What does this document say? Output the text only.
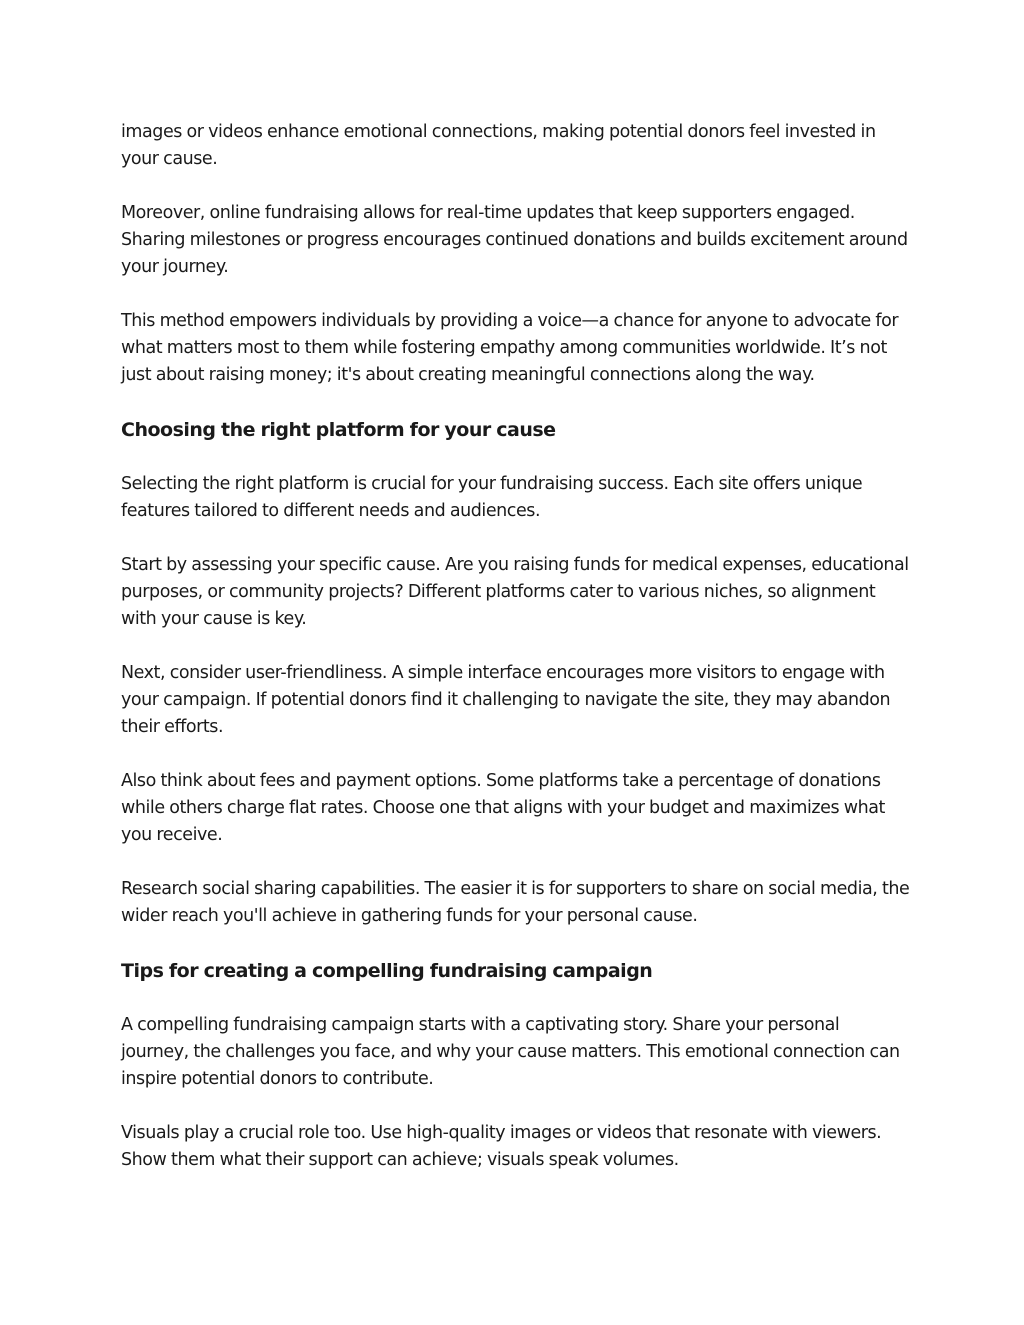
images or videos enhance emotional connections, making potential donors feel invested in your cause.

Moreover, online fundraising allows for real-time updates that keep supporters engaged. Sharing milestones or progress encourages continued donations and builds excitement around your journey.

This method empowers individuals by providing a voice—a chance for anyone to advocate for what matters most to them while fostering empathy among communities worldwide. It’s not just about raising money; it's about creating meaningful connections along the way.

Choosing the right platform for your cause

Selecting the right platform is crucial for your fundraising success. Each site offers unique features tailored to different needs and audiences.

Start by assessing your specific cause. Are you raising funds for medical expenses, educational purposes, or community projects? Different platforms cater to various niches, so alignment with your cause is key.

Next, consider user-friendliness. A simple interface encourages more visitors to engage with your campaign. If potential donors find it challenging to navigate the site, they may abandon their efforts.

Also think about fees and payment options. Some platforms take a percentage of donations while others charge flat rates. Choose one that aligns with your budget and maximizes what you receive.

Research social sharing capabilities. The easier it is for supporters to share on social media, the wider reach you'll achieve in gathering funds for your personal cause.

Tips for creating a compelling fundraising campaign

A compelling fundraising campaign starts with a captivating story. Share your personal journey, the challenges you face, and why your cause matters. This emotional connection can inspire potential donors to contribute.

Visuals play a crucial role too. Use high-quality images or videos that resonate with viewers. Show them what their support can achieve; visuals speak volumes.
